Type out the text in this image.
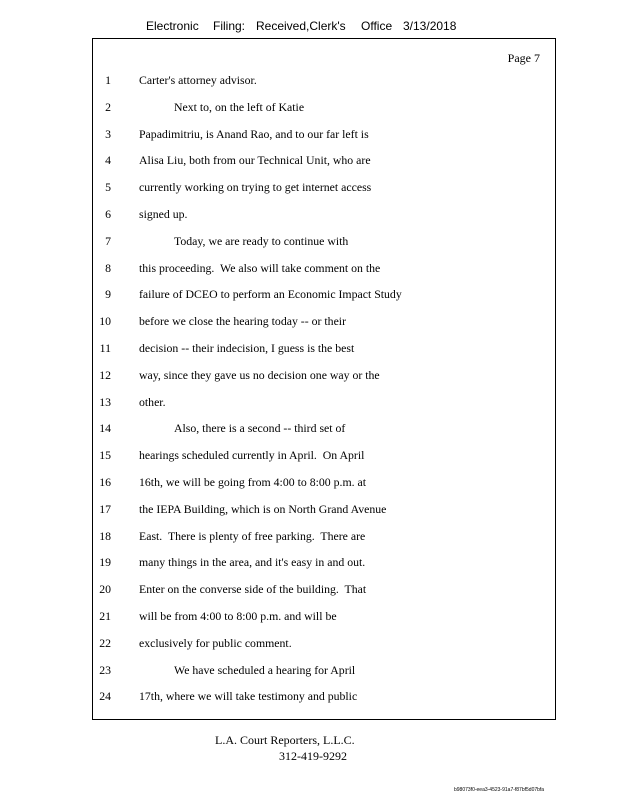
Electronic Filing: Received,Clerk's Office 3/13/2018
Page 7
1 Carter's attorney advisor.
2	Next to, on the left of Katie
3 Papadimitriu, is Anand Rao, and to our far left is
4 Alisa Liu, both from our Technical Unit, who are
5 currently working on trying to get internet access
6 signed up.
7	Today, we are ready to continue with
8 this proceeding.  We also will take comment on the
9 failure of DCEO to perform an Economic Impact Study
10 before we close the hearing today -- or their
11 decision -- their indecision, I guess is the best
12 way, since they gave us no decision one way or the
13 other.
14	Also, there is a second -- third set of
15 hearings scheduled currently in April.  On April
16 16th, we will be going from 4:00 to 8:00 p.m. at
17 the IEPA Building, which is on North Grand Avenue
18 East.  There is plenty of free parking.  There are
19 many things in the area, and it's easy in and out.
20 Enter on the converse side of the building.  That
21 will be from 4:00 to 8:00 p.m. and will be
22 exclusively for public comment.
23	We have scheduled a hearing for April
24 17th, where we will take testimony and public
L.A. Court Reporters, L.L.C.
312-419-9292
b98073f0-eea3-4523-91a7-f87bf5d07bfa
